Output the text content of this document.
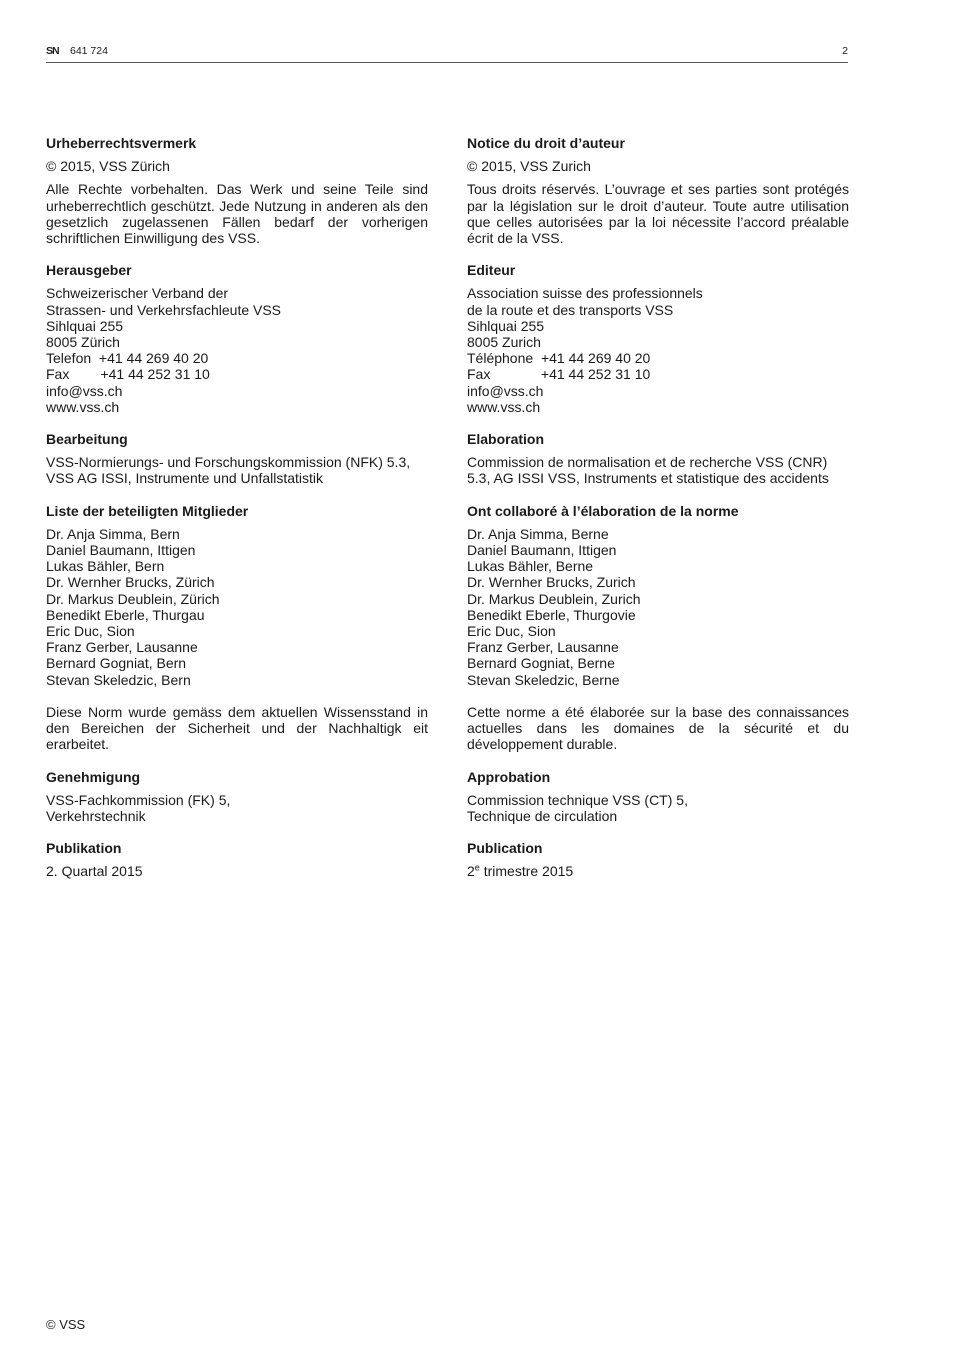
SN 641 724	2
Urheberrechtsvermerk
© 2015, VSS Zürich
Alle Rechte vorbehalten. Das Werk und seine Teile sind urheberrechtlich geschützt. Jede Nutzung in anderen als den gesetzlich zugelassenen Fällen bedarf der vorherigen schriftlichen Einwilligung des VSS.
Herausgeber
Schweizerischer Verband der
Strassen- und Verkehrsfachleute VSS
Sihlquai 255
8005 Zürich
Telefon  +41 44 269 40 20
Fax        +41 44 252 31 10
info@vss.ch
www.vss.ch
Bearbeitung
VSS-Normierungs- und Forschungskommission (NFK) 5.3,
VSS AG ISSI, Instrumente und Unfallstatistik
Liste der beteiligten Mitglieder
Dr. Anja Simma, Bern
Daniel Baumann, Ittigen
Lukas Bähler, Bern
Dr. Wernher Brucks, Zürich
Dr. Markus Deublein, Zürich
Benedikt Eberle, Thurgau
Eric Duc, Sion
Franz Gerber, Lausanne
Bernard Gogniat, Bern
Stevan Skeledzic, Bern
Diese Norm wurde gemäss dem aktuellen Wissensstand in den Bereichen der Sicherheit und der Nachhaltigk eit erarbeitet.
Genehmigung
VSS-Fachkommission (FK) 5,
Verkehrstechnik
Publikation
2. Quartal 2015
Notice du droit d’auteur
© 2015, VSS Zurich
Tous droits réservés. L’ouvrage et ses parties sont protégés par la législation sur le droit d’auteur. Toute autre utilisation que celles autorisées par la loi nécessite l’accord préalable écrit de la VSS.
Editeur
Association suisse des professionnels
de la route et des transports VSS
Sihlquai 255
8005 Zurich
Téléphone  +41 44 269 40 20
Fax             +41 44 252 31 10
info@vss.ch
www.vss.ch
Elaboration
Commission de normalisation et de recherche VSS (CNR)
5.3, AG ISSI VSS, Instruments et statistique des accidents
Ont collaboré à l’élaboration de la norme
Dr. Anja Simma, Berne
Daniel Baumann, Ittigen
Lukas Bähler, Berne
Dr. Wernher Brucks, Zurich
Dr. Markus Deublein, Zurich
Benedikt Eberle, Thurgovie
Eric Duc, Sion
Franz Gerber, Lausanne
Bernard Gogniat, Berne
Stevan Skeledzic, Berne
Cette norme a été élaborée sur la base des connaissances actuelles dans les domaines de la sécurité et du développement durable.
Approbation
Commission technique VSS (CT) 5,
Technique de circulation
Publication
2e trimestre 2015
© VSS
